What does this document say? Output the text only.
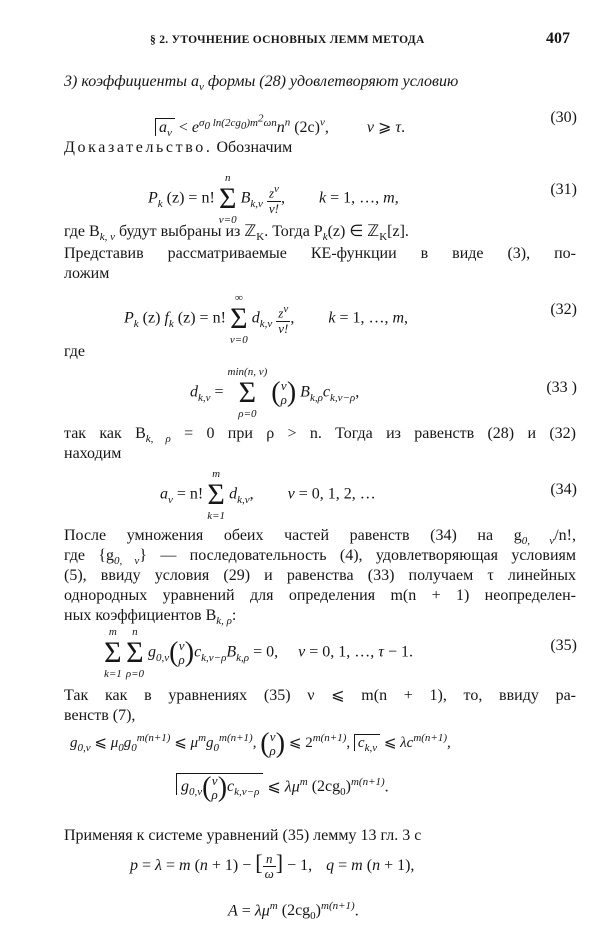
§ 2. УТОЧНЕНИЕ ОСНОВНЫХ ЛЕММ МЕТОДА	407
3) коэффициенты $a_\nu$ формы (28) удовлетворяют условию
$a_\nu < e^{\sigma_0 ln(2cg_0)m^2\omega n}n^n$ $(2c)^\nu$, ν ⩾ τ.
(30)
Доказательство. Обозначим
$P_k$ (z) = n!
n
Σ
ν=0
$B_{k,\nu} \frac{z^\nu}{\nu!}$ , k = 1, …, m,
(31)
где $B_{k, \nu}$ будут выбраны из ℤ$_K$. Тогда $P_k(z)$ ∈ ℤ$_K$[z].
Представив рассматриваемые КЕ-функции в виде (3), по-
ложим
$P_k$ (z) $f_k$ (z) = n!
∞
Σ
ν=0
$d_{k,\nu} \frac{z^\nu}{\nu!}$ , k = 1, …, m,
(32)
где
$d_{k,\nu}$ =
min(n, ν)
Σ
ρ=0
(ν
ρ) $B_{k,\rho}c_{k,\nu-\rho}$,	(33 )
так как $B_{k, \rho} = 0$ при ρ > n. Тогда из равенств (28) и (32)
находим
$a_\nu = n$!
m
Σ
k=1
$d_{k,\nu}$, ν = 0, 1, 2, …	(34)
После умножения обеих частей равенств (34) на $g_{0, \nu}/n$!,
где $\{g_{0, \nu}\}$ — последовательность (4), удовлетворяющая условиям
(5), ввиду условия (29) и равенства (33) получаем τ линейных
однородных уравнений для определения m(n + 1) неопределен-
ных коэффициентов $B_{k, \rho}$:
m
Σ
k=1

n
Σ
ρ=0
$g_{0,\nu}(\nu$
$\rho)c_{k,\nu-\rho}B_{k,\rho} = 0$, ν = 0, 1, …, τ − 1.	(35)
Так как в уравнениях (35) ν ⩽ m(n + 1), то, ввиду ра-
венств (7),
$g_{0,\nu}$ ⩽ $\mu_0g_0^{m(n+1)}$ ⩽ $\mu^mg_0^{m(n+1)}$, (ν
ρ) ⩽ $2^{m(n+1)}$, $c_{k,\nu}$ ⩽ $\lambda c^{m(n+1)}$,
$g_{0,\nu}(\nu$
$\rho)c_{k,\nu-\rho}$ ⩽ $\lambda\mu^m$ $(2cg_0)^{m(n+1)}$.
Применяя к системе уравнений (35) лемму 13 гл. 3 с
p = λ = m (n + 1) − [ $\frac{n}{\omega}$ ] − 1, q = m (n + 1),
$A = \lambda\mu^m$ $(2cg_0)^{m(n+1)}$.
